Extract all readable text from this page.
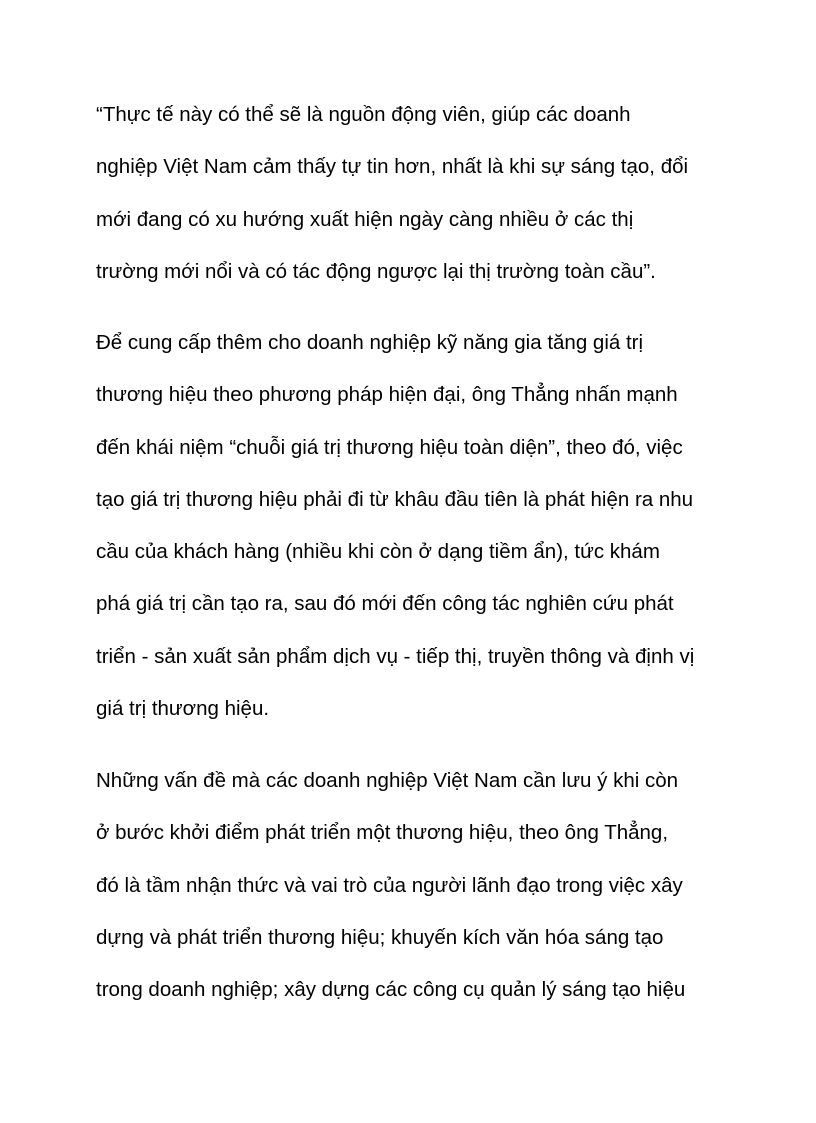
“Thực tế này có thể sẽ là nguồn động viên, giúp các doanh
nghiệp Việt Nam cảm thấy tự tin hơn, nhất là khi sự sáng tạo, đổi
mới đang có xu hướng xuất hiện ngày càng nhiều ở các thị
trường mới nổi và có tác động ngược lại thị trường toàn cầu”.
Để cung cấp thêm cho doanh nghiệp kỹ năng gia tăng giá trị
thương hiệu theo phương pháp hiện đại, ông Thẳng nhấn mạnh
đến khái niệm “chuỗi giá trị thương hiệu toàn diện”, theo đó, việc
tạo giá trị thương hiệu phải đi từ khâu đầu tiên là phát hiện ra nhu
cầu của khách hàng (nhiều khi còn ở dạng tiềm ẩn), tức khám
phá giá trị cần tạo ra, sau đó mới đến công tác nghiên cứu phát
triển - sản xuất sản phẩm dịch vụ - tiếp thị, truyền thông và định vị
giá trị thương hiệu.
Những vấn đề mà các doanh nghiệp Việt Nam cần lưu ý khi còn
ở bước khởi điểm phát triển một thương hiệu, theo ông Thẳng,
đó là tầm nhận thức và vai trò của người lãnh đạo trong việc xây
dựng và phát triển thương hiệu; khuyến kích văn hóa sáng tạo
trong doanh nghiệp; xây dựng các công cụ quản lý sáng tạo hiệu
